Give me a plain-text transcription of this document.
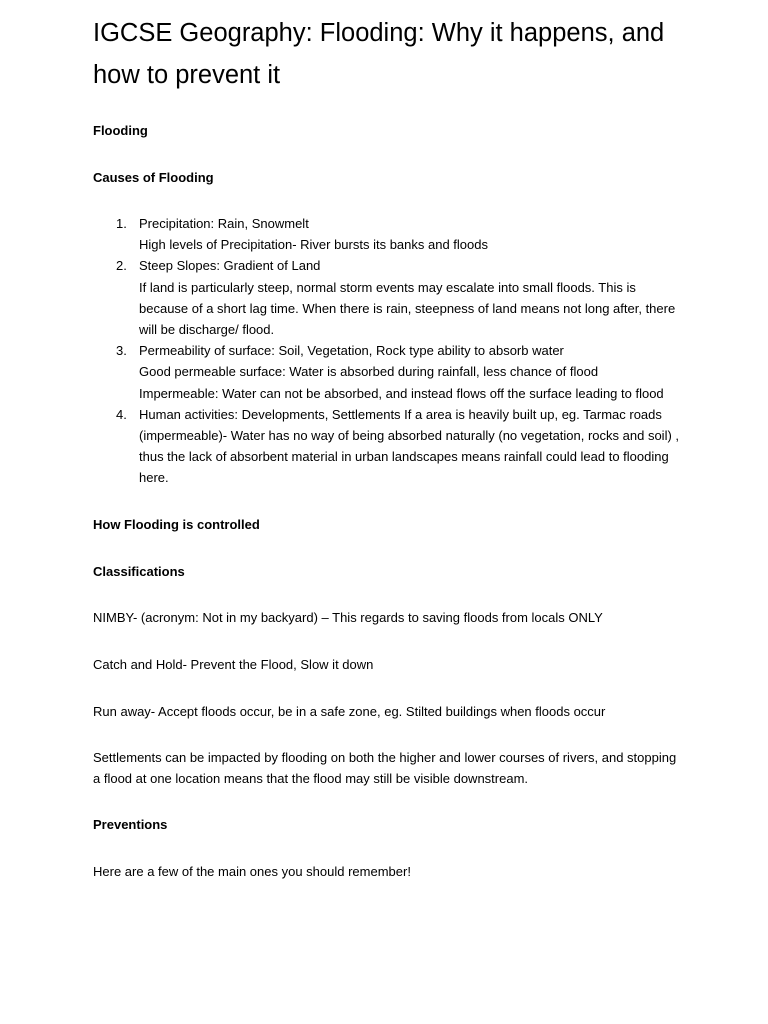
IGCSE Geography: Flooding: Why it happens, and how to prevent it

Flooding

Causes of Flooding

1. Precipitation: Rain, Snowmelt
High levels of Precipitation- River bursts its banks and floods
2. Steep Slopes: Gradient of Land
If land is particularly steep, normal storm events may escalate into small floods. This is because of a short lag time. When there is rain, steepness of land means not long after, there will be discharge/ flood.
3. Permeability of surface: Soil, Vegetation, Rock type ability to absorb water
Good permeable surface: Water is absorbed during rainfall, less chance of flood
Impermeable: Water can not be absorbed, and instead flows off the surface leading to flood
4. Human activities: Developments, Settlements If a area is heavily built up, eg. Tarmac roads (impermeable)- Water has no way of being absorbed naturally (no vegetation, rocks and soil) , thus the lack of absorbent material in urban landscapes means rainfall could lead to flooding here.

How Flooding is controlled

Classifications

NIMBY- (acronym: Not in my backyard) – This regards to saving floods from locals ONLY

Catch and Hold- Prevent the Flood, Slow it down

Run away- Accept floods occur, be in a safe zone, eg. Stilted buildings when floods occur

Settlements can be impacted by flooding on both the higher and lower courses of rivers, and stopping a flood at one location means that the flood may still be visible downstream.

Preventions

Here are a few of the main ones you should remember!
